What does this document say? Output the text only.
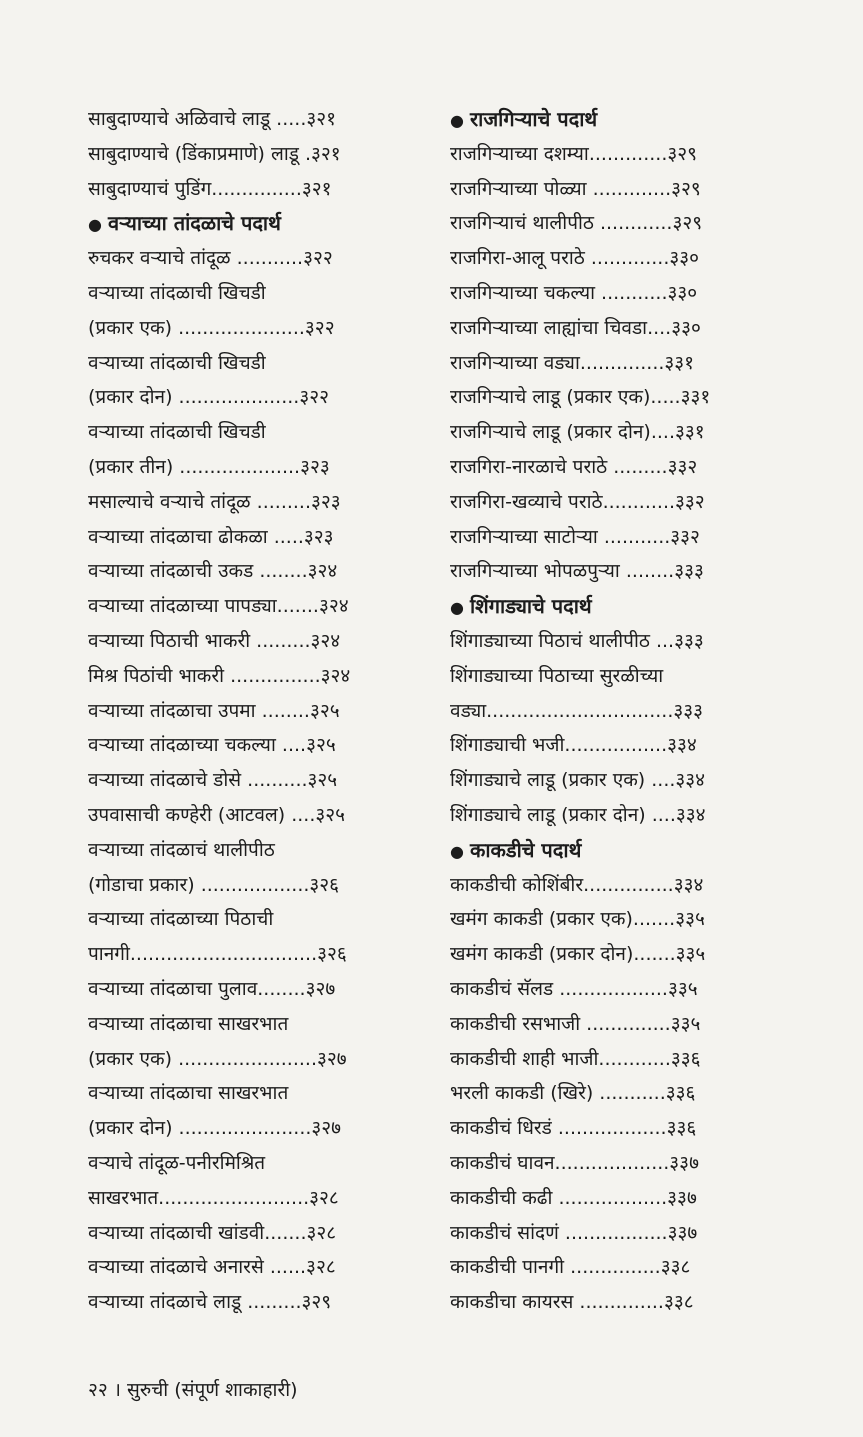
साबुदाण्याचे अळिवाचे लाडू .....३२१
साबुदाण्याचे (डिंकाप्रमाणे) लाडू .३२१
साबुदाण्याचं पुडिंग...............३२१
● वऱ्याच्या तांदळाचे पदार्थ
रुचकर वऱ्याचे तांदूळ ...........३२२
वऱ्याच्या तांदळाची खिचडी
(प्रकार एक) .....................३२२
वऱ्याच्या तांदळाची खिचडी
(प्रकार दोन) ....................३२२
वऱ्याच्या तांदळाची खिचडी
(प्रकार तीन) ....................३२३
मसाल्याचे वऱ्याचे तांदूळ .........३२३
वऱ्याच्या तांदळाचा ढोकळा .....३२३
वऱ्याच्या तांदळाची उकड ........३२४
वऱ्याच्या तांदळाच्या पापड्या.......३२४
वऱ्याच्या पिठाची भाकरी .........३२४
मिश्र पिठांची भाकरी ...............३२४
वऱ्याच्या तांदळाचा उपमा ........३२५
वऱ्याच्या तांदळाच्या चकल्या ....३२५
वऱ्याच्या तांदळाचे डोसे ..........३२५
उपवासाची कण्हेरी (आटवल) ....३२५
वऱ्याच्या तांदळाचं थालीपीठ
(गोडाचा प्रकार) ..................३२६
वऱ्याच्या तांदळाच्या पिठाची
पानगी...............................३२६
वऱ्याच्या तांदळाचा पुलाव........३२७
वऱ्याच्या तांदळाचा साखरभात
(प्रकार एक) .......................३२७
वऱ्याच्या तांदळाचा साखरभात
(प्रकार दोन) ......................३२७
वऱ्याचे तांदूळ-पनीरमिश्रित
साखरभात.........................३२८
वऱ्याच्या तांदळाची खांडवी.......३२८
वऱ्याच्या तांदळाचे अनारसे ......३२८
वऱ्याच्या तांदळाचे लाडू .........३२९
● राजगिऱ्याचे पदार्थ
राजगिऱ्याच्या दशम्या.............३२९
राजगिऱ्याच्या पोळ्या .............३२९
राजगिऱ्याचं थालीपीठ ............३२९
राजगिरा-आलू पराठे .............३३०
राजगिऱ्याच्या चकल्या ...........३३०
राजगिऱ्याच्या लाह्यांचा चिवडा....३३०
राजगिऱ्याच्या वड्या..............३३१
राजगिऱ्याचे लाडू (प्रकार एक).....३३१
राजगिऱ्याचे लाडू (प्रकार दोन)....३३१
राजगिरा-नारळाचे पराठे .........३३२
राजगिरा-खव्याचे पराठे............३३२
राजगिऱ्याच्या साटोऱ्या ...........३३२
राजगिऱ्याच्या भोपळपुऱ्या ........३३३
● शिंगाड्याचे पदार्थ
शिंगाड्याच्या पिठाचं थालीपीठ ...३३३
शिंगाड्याच्या पिठाच्या सुरळीच्या
वड्या...............................३३३
शिंगाड्याची भजी.................३३४
शिंगाड्याचे लाडू (प्रकार एक) ....३३४
शिंगाड्याचे लाडू (प्रकार दोन) ....३३४
● काकडीचे पदार्थ
काकडीची कोशिंबीर...............३३४
खमंग काकडी (प्रकार एक).......३३५
खमंग काकडी (प्रकार दोन).......३३५
काकडीचं सॅलड ..................३३५
काकडीची रसभाजी ..............३३५
काकडीची शाही भाजी............३३६
भरली काकडी (खिरे) ...........३३६
काकडीचं धिरडं ..................३३६
काकडीचं घावन...................३३७
काकडीची कढी ..................३३७
काकडीचं सांदणं .................३३७
काकडीची पानगी ...............३३८
काकडीचा कायरस ..............३३८
२२ । सुरुची (संपूर्ण शाकाहारी)
